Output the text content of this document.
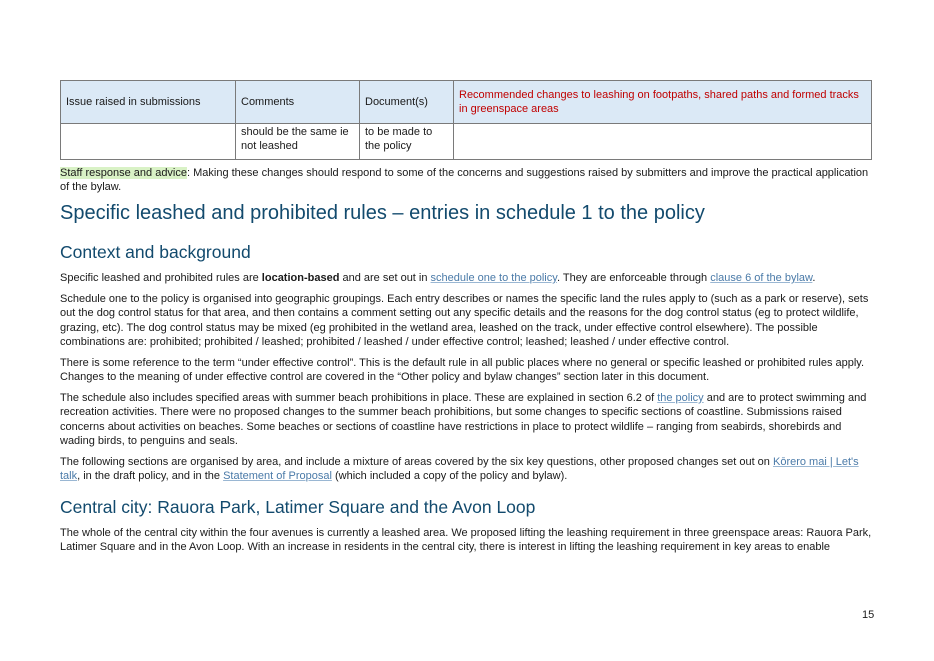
Issue raised in submissions	Comments	Document(s)	Recommended changes to leashing on footpaths, shared paths and formed tracks in greenspace areas
	should be the same ie not leashed	to be made to the policy	

Staff response and advice: Making these changes should respond to some of the concerns and suggestions raised by submitters and improve the practical application of the bylaw.

Specific leashed and prohibited rules – entries in schedule 1 to the policy
Context and background

Specific leashed and prohibited rules are location-based and are set out in schedule one to the policy. They are enforceable through clause 6 of the bylaw.

Schedule one to the policy is organised into geographic groupings. Each entry describes or names the specific land the rules apply to (such as a park or reserve), sets out the dog control status for that area, and then contains a comment setting out any specific details and the reasons for the dog control status (eg to protect wildlife, grazing, etc). The dog control status may be mixed (eg prohibited in the wetland area, leashed on the track, under effective control elsewhere). The possible combinations are: prohibited; prohibited / leashed; prohibited / leashed / under effective control; leashed; leashed / under effective control.

There is some reference to the term “under effective control”. This is the default rule in all public places where no general or specific leashed or prohibited rules apply. Changes to the meaning of under effective control are covered in the “Other policy and bylaw changes” section later in this document.

The schedule also includes specified areas with summer beach prohibitions in place. These are explained in section 6.2 of the policy and are to protect swimming and recreation activities. There were no proposed changes to the summer beach prohibitions, but some changes to specific sections of coastline. Submissions raised concerns about activities on beaches. Some beaches or sections of coastline have restrictions in place to protect wildlife – ranging from seabirds, shorebirds and wading birds, to penguins and seals.

The following sections are organised by area, and include a mixture of areas covered by the six key questions, other proposed changes set out on Kōrero mai | Let's talk, in the draft policy, and in the Statement of Proposal (which included a copy of the policy and bylaw).

Central city: Rauora Park, Latimer Square and the Avon Loop

The whole of the central city within the four avenues is currently a leashed area. We proposed lifting the leashing requirement in three greenspace areas: Rauora Park, Latimer Square and in the Avon Loop. With an increase in residents in the central city, there is interest in lifting the leashing requirement in key areas to enable

15
